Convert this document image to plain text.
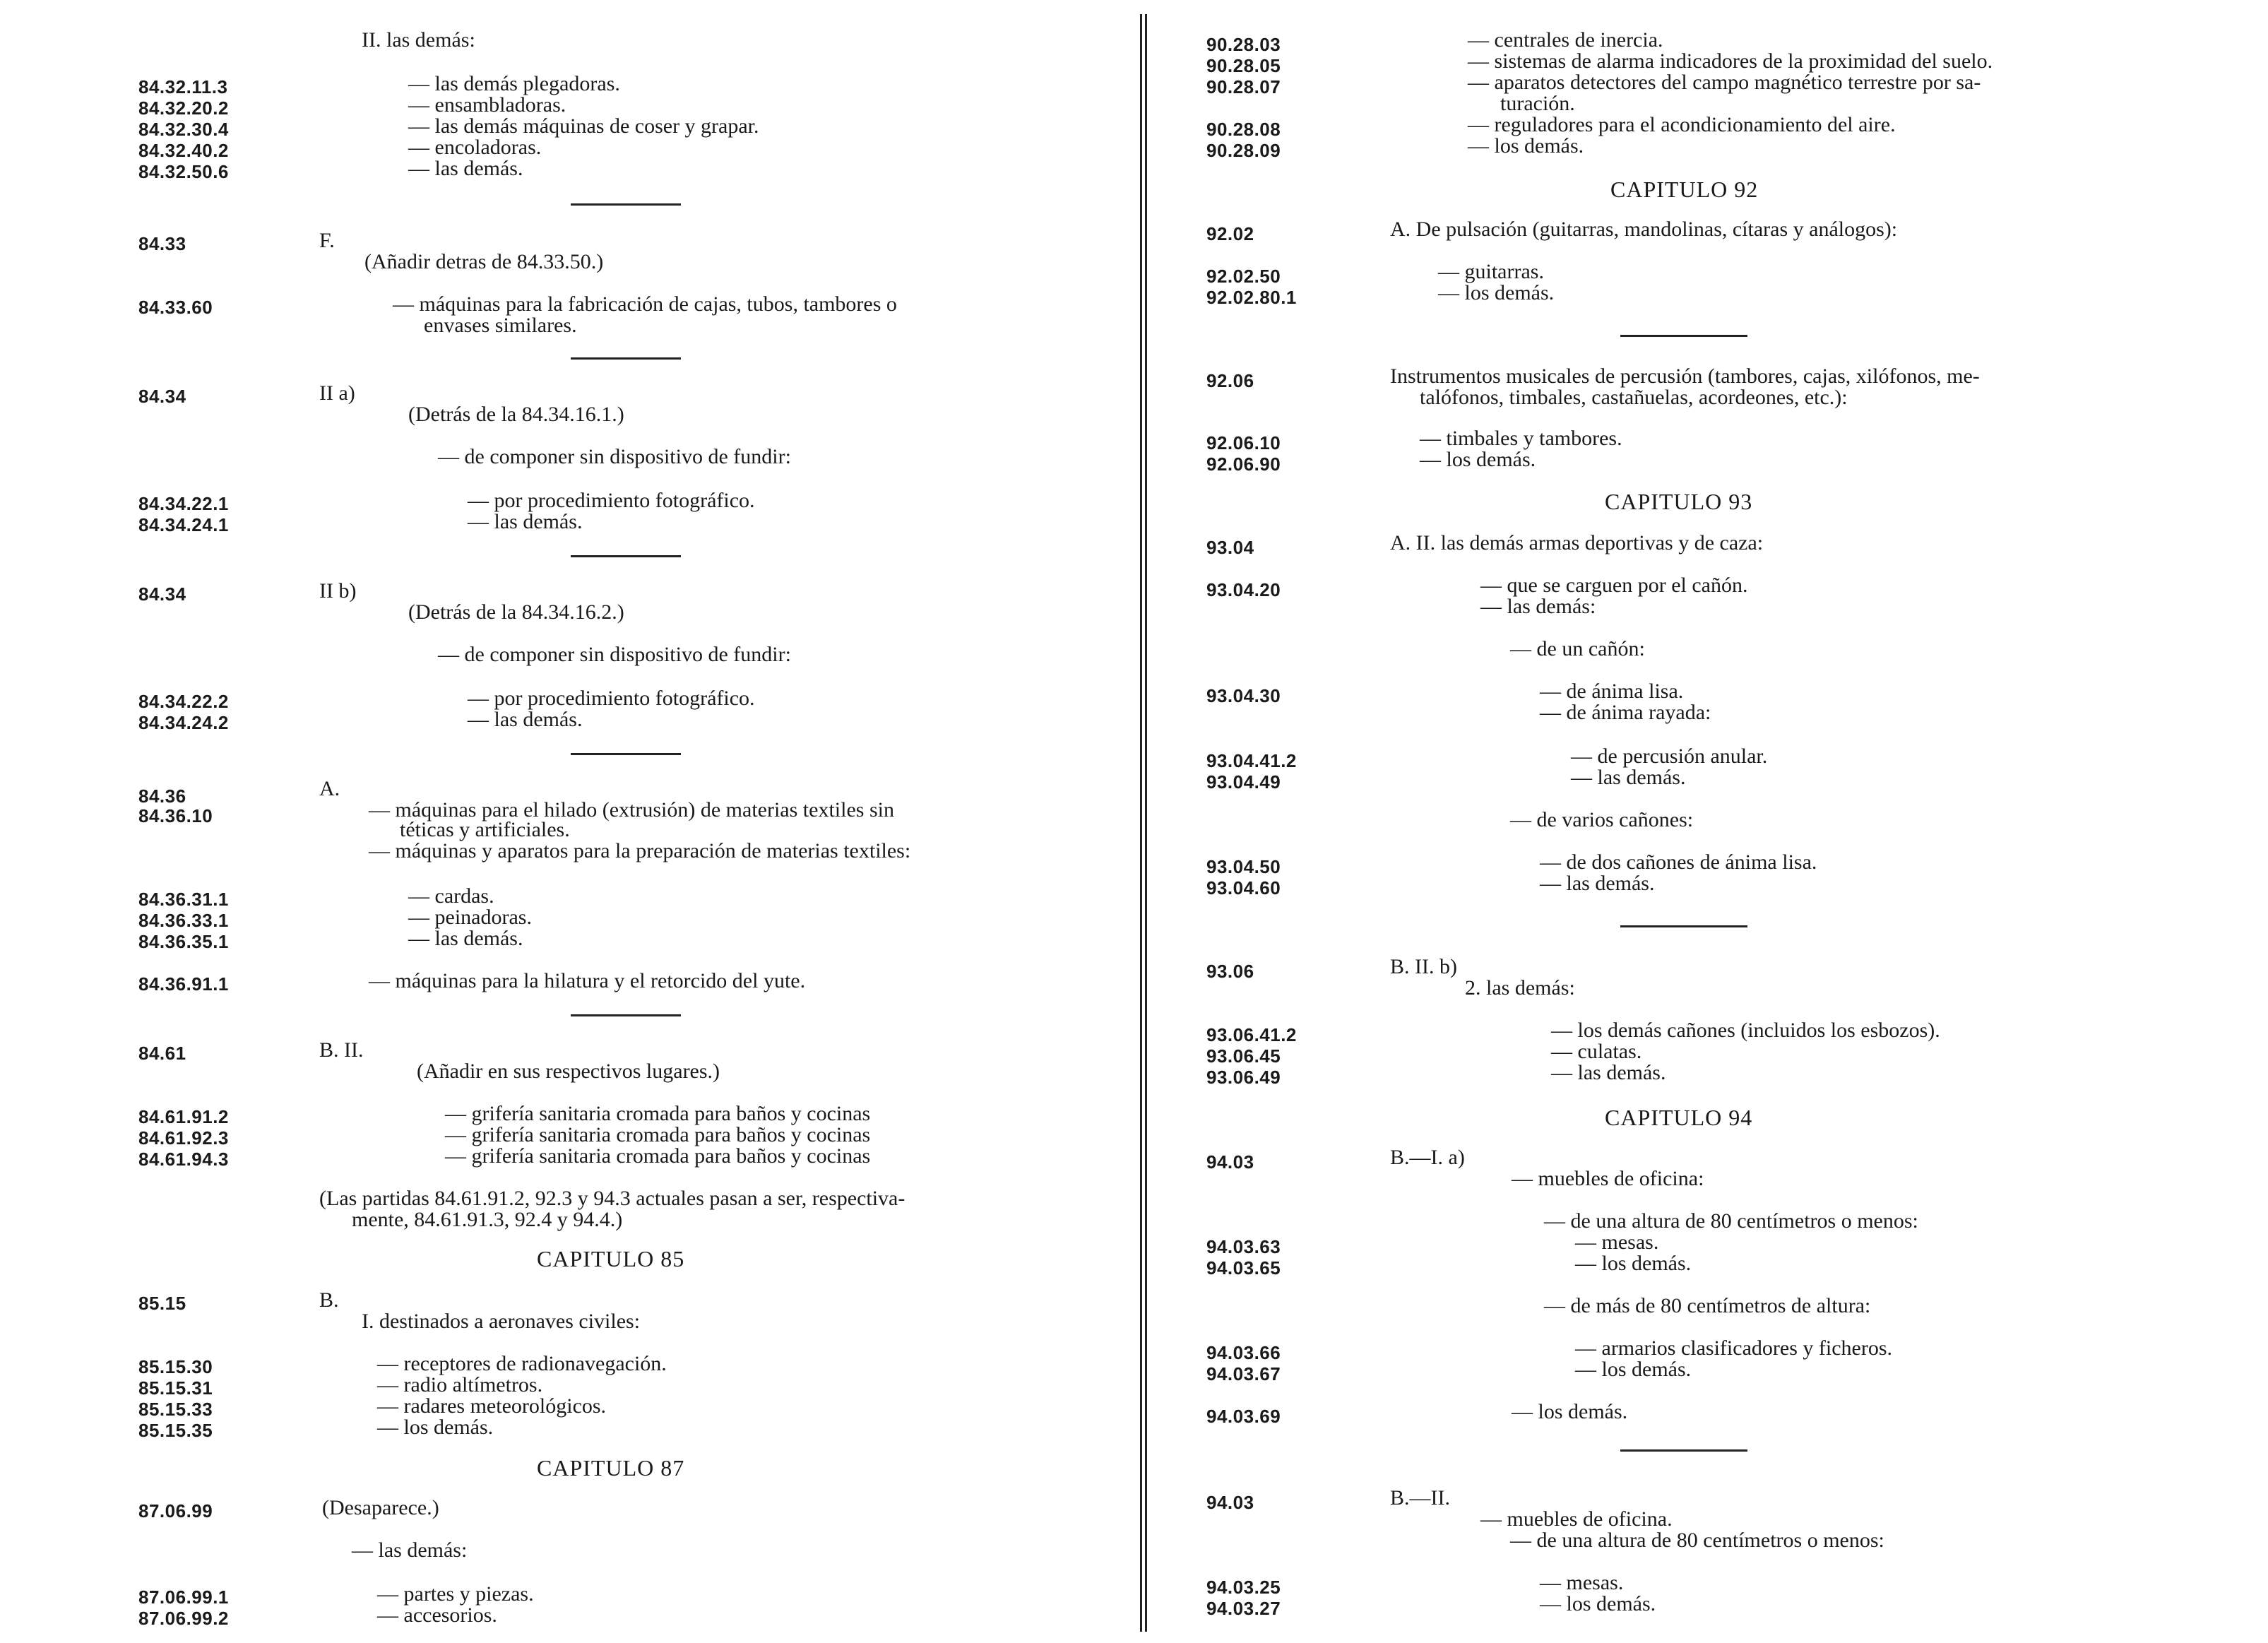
II. las demás:
84.32.11.3	— las demás plegadoras.
84.32.20.2	— ensambladoras.
84.32.30.4	— las demás máquinas de coser y grapar.
84.32.40.2	— encoladoras.
84.32.50.6	— las demás.
84.33	F.
(Añadir detras de 84.33.50.)
84.33.60	— máquinas para la fabricación de cajas, tubos, tambores o
envases similares.
84.34	II a)
(Detrás de la 84.34.16.1.)
— de componer sin dispositivo de fundir:
84.34.22.1	— por procedimiento fotográfico.
84.34.24.1	— las demás.
84.34	II b)
(Detrás de la 84.34.16.2.)
— de componer sin dispositivo de fundir:
84.34.22.2	— por procedimiento fotográfico.
84.34.24.2	— las demás.
84.36	A.
84.36.10	— máquinas para el hilado (extrusión) de materias textiles sin
téticas y artificiales.
— máquinas y aparatos para la preparación de materias textiles:
84.36.31.1	— cardas.
84.36.33.1	— peinadoras.
84.36.35.1	— las demás.
84.36.91.1	— máquinas para la hilatura y el retorcido del yute.
84.61	B. II.
(Añadir en sus respectivos lugares.)
84.61.91.2	— grifería sanitaria cromada para baños y cocinas
84.61.92.3	— grifería sanitaria cromada para baños y cocinas
84.61.94.3	— grifería sanitaria cromada para baños y cocinas
(Las partidas 84.61.91.2, 92.3 y 94.3 actuales pasan a ser, respectiva-
mente, 84.61.91.3, 92.4 y 94.4.)
CAPITULO 85
85.15	B.
I. destinados a aeronaves civiles:
85.15.30	— receptores de radionavegación.
85.15.31	— radio altímetros.
85.15.33	— radares meteorológicos.
85.15.35	— los demás.
CAPITULO 87
87.06.99	(Desaparece.)
— las demás:
87.06.99.1	— partes y piezas.
87.06.99.2	— accesorios.
90.28.03	— centrales de inercia.
90.28.05	— sistemas de alarma indicadores de la proximidad del suelo.
90.28.07	— aparatos detectores del campo magnético terrestre por sa-
turación.
90.28.08	— reguladores para el acondicionamiento del aire.
90.28.09	— los demás.
CAPITULO 92
92.02	A. De pulsación (guitarras, mandolinas, cítaras y análogos):
92.02.50	— guitarras.
92.02.80.1	— los demás.
92.06	Instrumentos musicales de percusión (tambores, cajas, xilófonos, me-
talófonos, timbales, castañuelas, acordeones, etc.):
92.06.10	— timbales y tambores.
92.06.90	— los demás.
CAPITULO 93
93.04	A. II. las demás armas deportivas y de caza:
93.04.20	— que se carguen por el cañón.
— las demás:
— de un cañón:
93.04.30	— de ánima lisa.
— de ánima rayada:
93.04.41.2	— de percusión anular.
93.04.49	— las demás.
— de varios cañones:
93.04.50	— de dos cañones de ánima lisa.
93.04.60	— las demás.
93.06	B. II. b)
2. las demás:
93.06.41.2	— los demás cañones (incluidos los esbozos).
93.06.45	— culatas.
93.06.49	— las demás.
CAPITULO 94
94.03	B.—I. a)
— muebles de oficina:
— de una altura de 80 centímetros o menos:
94.03.63	— mesas.
94.03.65	— los demás.
— de más de 80 centímetros de altura:
94.03.66	— armarios clasificadores y ficheros.
94.03.67	— los demás.
94.03.69	— los demás.
94.03	B.—II.
— muebles de oficina.
— de una altura de 80 centímetros o menos:
94.03.25	— mesas.
94.03.27	— los demás.
